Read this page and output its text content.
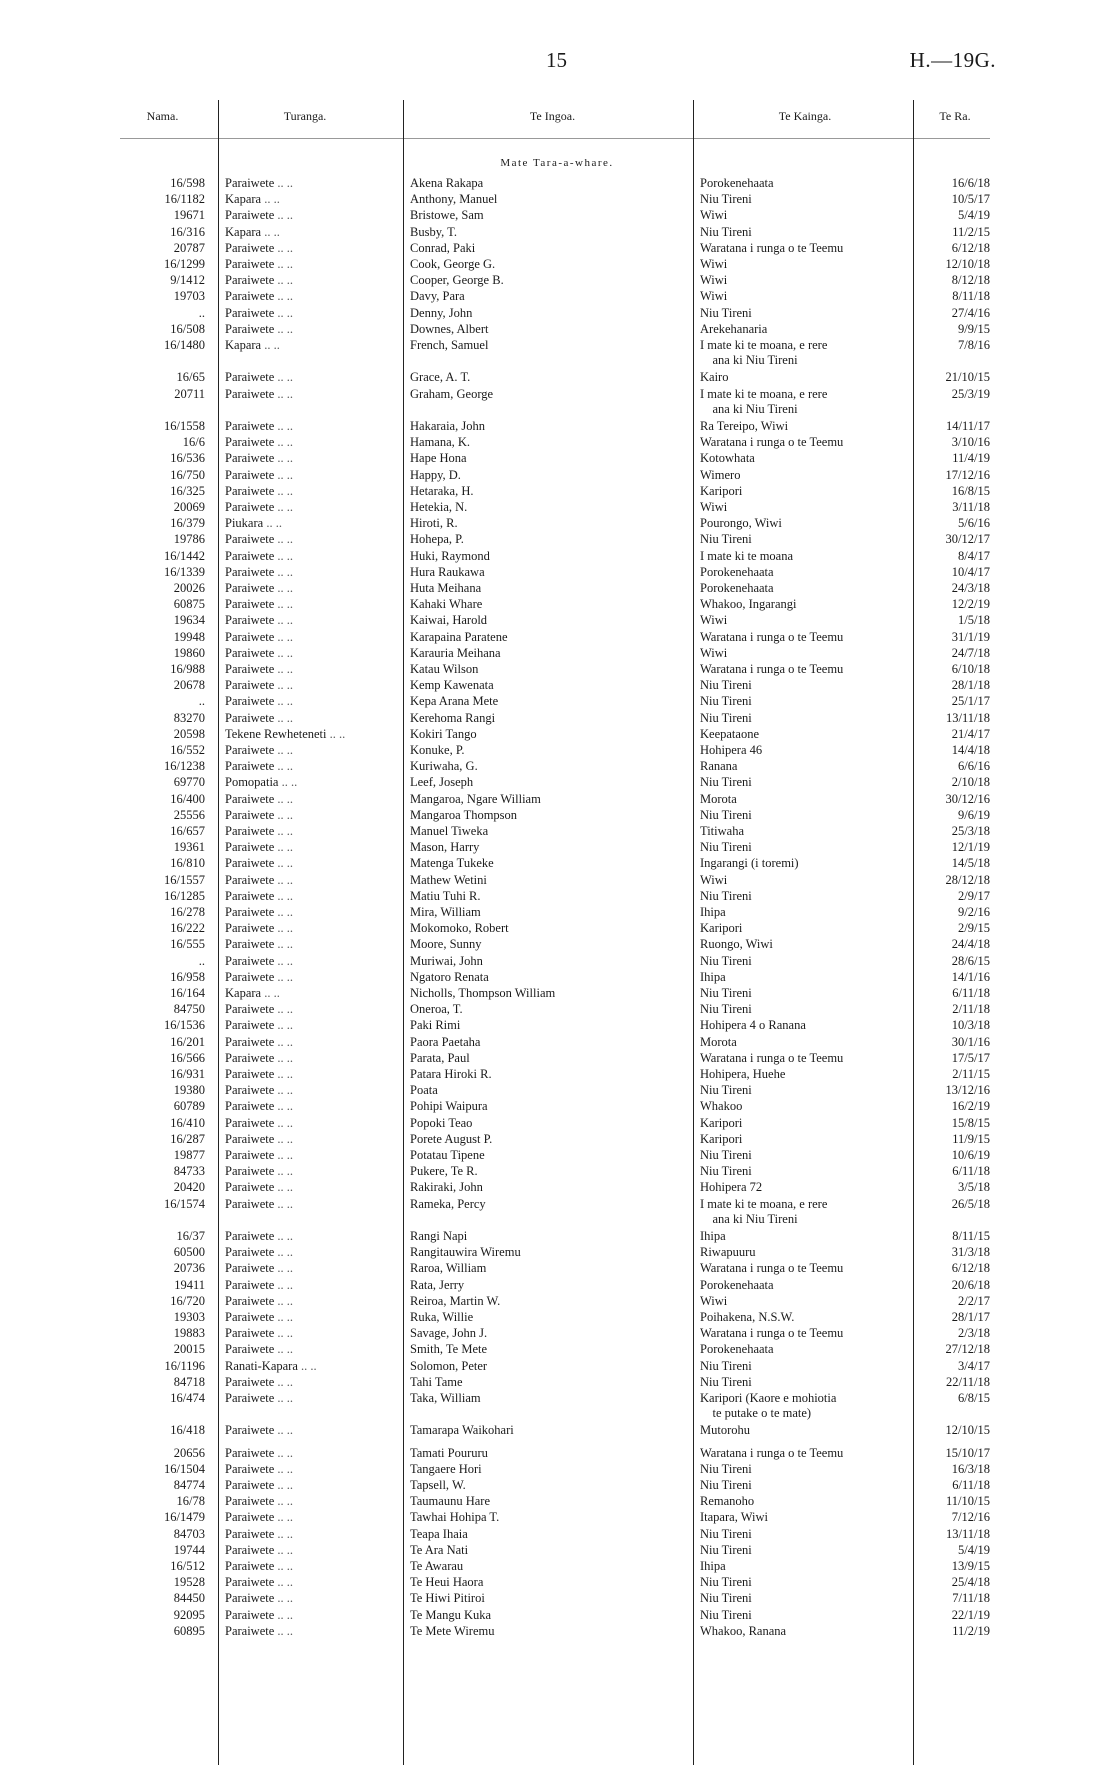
15	H.—19G.
Nama.	Turanga.	Te Ingoa.	Te Kainga.	Te Ra.
Mate Tara-a-whare.
16/598 Paraiwete .. ..	Akena Rakapa	Porokenehaata	16/6/18
16/1182 Kapara .. ..	Anthony, Manuel	Niu Tireni	10/5/17
19671 Paraiwete .. ..	Bristowe, Sam	Wiwi	5/4/19
16/316 Kapara .. ..	Busby, T.	Niu Tireni	11/2/15
20787 Paraiwete .. ..	Conrad, Paki	Waratana i runga o te Teemu	6/12/18
16/1299 Paraiwete .. ..	Cook, George G.	Wiwi	12/10/18
9/1412 Paraiwete .. ..	Cooper, George B.	Wiwi	8/12/18
19703 Paraiwete .. ..	Davy, Para	Wiwi	8/11/18
.. Paraiwete .. ..	Denny, John	Niu Tireni	27/4/16
16/508 Paraiwete .. ..	Downes, Albert	Arekehanaria	9/9/15
16/1480 Kapara .. ..	French, Samuel	I mate ki te moana, e rere	7/8/16
 ana ki Niu Tireni
16/65 Paraiwete .. ..	Grace, A. T.	Kairo	21/10/15
20711 Paraiwete .. ..	Graham, George	I mate ki te moana, e rere	25/3/19
 ana ki Niu Tireni
16/1558 Paraiwete .. ..	Hakaraia, John	Ra Tereipo, Wiwi	14/11/17
16/6 Paraiwete .. ..	Hamana, K.	Waratana i runga o te Teemu	3/10/16
16/536 Paraiwete .. ..	Hape Hona	Kotowhata	11/4/19
16/750 Paraiwete .. ..	Happy, D.	Wimero	17/12/16
16/325 Paraiwete .. ..	Hetaraka, H.	Karipori	16/8/15
20069 Paraiwete .. ..	Hetekia, N.	Wiwi	3/11/18
16/379 Piukara .. ..	Hiroti, R.	Pourongo, Wiwi	5/6/16
19786 Paraiwete .. ..	Hohepa, P.	Niu Tireni	30/12/17
16/1442 Paraiwete .. ..	Huki, Raymond	I mate ki te moana	8/4/17
16/1339 Paraiwete .. ..	Hura Raukawa	Porokenehaata	10/4/17
20026 Paraiwete .. ..	Huta Meihana	Porokenehaata	24/3/18
60875 Paraiwete .. ..	Kahaki Whare	Whakoo, Ingarangi	12/2/19
19634 Paraiwete .. ..	Kaiwai, Harold	Wiwi	1/5/18
19948 Paraiwete .. ..	Karapaina Paratene	Waratana i runga o te Teemu	31/1/19
19860 Paraiwete .. ..	Karauria Meihana	Wiwi	24/7/18
16/988 Paraiwete .. ..	Katau Wilson	Waratana i runga o te Teemu	6/10/18
20678 Paraiwete .. ..	Kemp Kawenata	Niu Tireni	28/1/18
.. Paraiwete .. ..	Kepa Arana Mete	Niu Tireni	25/1/17
83270 Paraiwete .. ..	Kerehoma Rangi	Niu Tireni	13/11/18
20598 Tekene Rewheteneti .. ..	Kokiri Tango	Keepataone	21/4/17
16/552 Paraiwete .. ..	Konuke, P.	Hohipera 46	14/4/18
16/1238 Paraiwete .. ..	Kuriwaha, G.	Ranana	6/6/16
69770 Pomopatia .. ..	Leef, Joseph	Niu Tireni	2/10/18
16/400 Paraiwete .. ..	Mangaroa, Ngare William	Morota	30/12/16
25556 Paraiwete .. ..	Mangaroa Thompson	Niu Tireni	9/6/19
16/657 Paraiwete .. ..	Manuel Tiweka	Titiwaha	25/3/18
19361 Paraiwete .. ..	Mason, Harry	Niu Tireni	12/1/19
16/810 Paraiwete .. ..	Matenga Tukeke	Ingarangi (i toremi)	14/5/18
16/1557 Paraiwete .. ..	Mathew Wetini	Wiwi	28/12/18
16/1285 Paraiwete .. ..	Matiu Tuhi R.	Niu Tireni	2/9/17
16/278 Paraiwete .. ..	Mira, William	Ihipa	9/2/16
16/222 Paraiwete .. ..	Mokomoko, Robert	Karipori	2/9/15
16/555 Paraiwete .. ..	Moore, Sunny	Ruongo, Wiwi	24/4/18
.. Paraiwete .. ..	Muriwai, John	Niu Tireni	28/6/15
16/958 Paraiwete .. ..	Ngatoro Renata	Ihipa	14/1/16
16/164 Kapara .. ..	Nicholls, Thompson William	Niu Tireni	6/11/18
84750 Paraiwete .. ..	Oneroa, T.	Niu Tireni	2/11/18
16/1536 Paraiwete .. ..	Paki Rimi	Hohipera 4 o Ranana	10/3/18
16/201 Paraiwete .. ..	Paora Paetaha	Morota	30/1/16
16/566 Paraiwete .. ..	Parata, Paul	Waratana i runga o te Teemu	17/5/17
16/931 Paraiwete .. ..	Patara Hiroki R.	Hohipera, Huehe	2/11/15
19380 Paraiwete .. ..	Poata	Niu Tireni	13/12/16
60789 Paraiwete .. ..	Pohipi Waipura	Whakoo	16/2/19
16/410 Paraiwete .. ..	Popoki Teao	Karipori	15/8/15
16/287 Paraiwete .. ..	Porete August P.	Karipori	11/9/15
19877 Paraiwete .. ..	Potatau Tipene	Niu Tireni	10/6/19
84733 Paraiwete .. ..	Pukere, Te R.	Niu Tireni	6/11/18
20420 Paraiwete .. ..	Rakiraki, John	Hohipera 72	3/5/18
16/1574 Paraiwete .. ..	Rameka, Percy	I mate ki te moana, e rere	26/5/18
 ana ki Niu Tireni
16/37 Paraiwete .. ..	Rangi Napi	Ihipa	8/11/15
60500 Paraiwete .. ..	Rangitauwira Wiremu	Riwapuuru	31/3/18
20736 Paraiwete .. ..	Raroa, William	Waratana i runga o te Teemu	6/12/18
19411 Paraiwete .. ..	Rata, Jerry	Porokenehaata	20/6/18
16/720 Paraiwete .. ..	Reiroa, Martin W.	Wiwi	2/2/17
19303 Paraiwete .. ..	Ruka, Willie	Poihakena, N.S.W.	28/1/17
19883 Paraiwete .. ..	Savage, John J.	Waratana i runga o te Teemu	2/3/18
20015 Paraiwete .. ..	Smith, Te Mete	Porokenehaata	27/12/18
16/1196 Ranati-Kapara .. ..	Solomon, Peter	Niu Tireni	3/4/17
84718 Paraiwete .. ..	Tahi Tame	Niu Tireni	22/11/18
16/474 Paraiwete .. ..	Taka, William	Karipori (Kaore e mohiotia	6/8/15
 te putake o te mate)
16/418 Paraiwete .. ..	Tamarapa Waikohari	Mutorohu	12/10/15
20656 Paraiwete .. ..	Tamati Poururu	Waratana i runga o te Teemu	15/10/17
16/1504 Paraiwete .. ..	Tangaere Hori	Niu Tireni	16/3/18
84774 Paraiwete .. ..	Tapsell, W.	Niu Tireni	6/11/18
16/78 Paraiwete .. ..	Taumaunu Hare	Remanoho	11/10/15
16/1479 Paraiwete .. ..	Tawhai Hohipa T.	Itapara, Wiwi	7/12/16
84703 Paraiwete .. ..	Teapa Ihaia	Niu Tireni	13/11/18
19744 Paraiwete .. ..	Te Ara Nati	Niu Tireni	5/4/19
16/512 Paraiwete .. ..	Te Awarau	Ihipa	13/9/15
19528 Paraiwete .. ..	Te Heui Haora	Niu Tireni	25/4/18
84450 Paraiwete .. ..	Te Hiwi Pitiroi	Niu Tireni	7/11/18
92095 Paraiwete .. ..	Te Mangu Kuka	Niu Tireni	22/1/19
60895 Paraiwete .. ..	Te Mete Wiremu	Whakoo, Ranana	11/2/19
